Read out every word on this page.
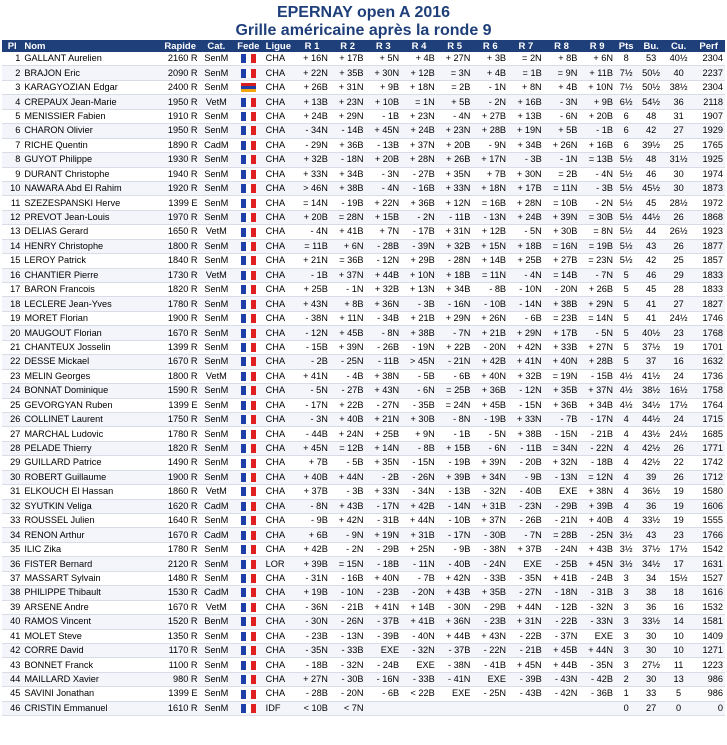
EPERNAY open A 2016
Grille américaine après la ronde 9
Pl	Nom	Rapide	Cat.	Fede	Ligue	R 1	R 2	R 3	R 4	R 5	R 6	R 7	R 8	R 9	Pts	Bu.	Cu.	Perf
1	GALLANT Aurelien	2160 R	SenM		CHA	+ 16N	+ 17B	+ 5N	+ 4B	+ 27N	+ 3B	= 2N	+ 8B	+ 6N	8	53	40½	2304
2	BRAJON Eric	2090 R	SenM		CHA	+ 22N	+ 35B	+ 30N	+ 12B	= 3N	+ 4B	= 1B	= 9N	+ 11B	7½	50½	40	2237
3	KARAGYOZIAN Edgar	2400 R	SenM		CHA	+ 26B	+ 31N	+ 9B	+ 18N	= 2B	- 1N	+ 8N	+ 4B	+ 10N	7½	50½	38½	2304
4	CREPAUX Jean-Marie	1950 R	VetM		CHA	+ 13B	+ 23N	+ 10B	= 1N	+ 5B	- 2N	+ 16B	- 3N	+ 9B	6½	54½	36	2118
5	MENISSIER Fabien	1910 R	SenM		CHA	+ 24B	+ 29N	- 1B	+ 23N	- 4N	+ 27B	+ 13B	- 6N	+ 20B	6	48	31	1907
6	CHARON Olivier	1950 R	SenM		CHA	- 34N	- 14B	+ 45N	+ 24B	+ 23N	+ 28B	+ 19N	+ 5B	- 1B	6	42	27	1929
7	RICHE Quentin	1890 R	CadM		CHA	- 29N	+ 36B	- 13B	+ 37N	+ 20B	- 9N	+ 34B	+ 26N	+ 16B	6	39½	25	1765
8	GUYOT Philippe	1930 R	SenM		CHA	+ 32B	- 18N	+ 20B	+ 28N	+ 26B	+ 17N	- 3B	- 1N	= 13B	5½	48	31½	1925
9	DURANT Christophe	1940 R	SenM		CHA	+ 33N	+ 34B	- 3N	- 27B	+ 35N	+ 7B	+ 30N	= 2B	- 4N	5½	46	30	1974
10	NAWARA Abd El Rahim	1920 R	SenM		CHA	> 46N	+ 38B	- 4N	- 16B	+ 33N	+ 18N	+ 17B	= 11N	- 3B	5½	45½	30	1873
11	SZEZESPANSKI Herve	1399 E	SenM		CHA	= 14N	- 19B	+ 22N	+ 36B	+ 12N	= 16B	+ 28N	= 10B	- 2N	5½	45	28½	1972
12	PREVOT Jean-Louis	1970 R	SenM		CHA	+ 20B	= 28N	+ 15B	- 2N	- 11B	- 13N	+ 24B	+ 39N	= 30B	5½	44½	26	1868
13	DELIAS Gerard	1650 R	VetM		CHA	- 4N	+ 41B	+ 7N	- 17B	+ 31N	+ 12B	- 5N	+ 30B	= 8N	5½	44	26½	1923
14	HENRY Christophe	1800 R	SenM		CHA	= 11B	+ 6N	- 28B	- 39N	+ 32B	+ 15N	+ 18B	= 16N	= 19B	5½	43	26	1877
15	LEROY Patrick	1840 R	SenM		CHA	+ 21N	= 36B	- 12N	+ 29B	- 28N	+ 14B	+ 25B	+ 27B	= 23N	5½	42	25	1857
16	CHANTIER Pierre	1730 R	VetM		CHA	- 1B	+ 37N	+ 44B	+ 10N	+ 18B	= 11N	- 4N	= 14B	- 7N	5	46	29	1833
17	BARON Francois	1820 R	SenM		CHA	+ 25B	- 1N	+ 32B	+ 13N	+ 34B	- 8B	- 10N	- 20N	+ 26B	5	45	28	1833
18	LECLERE Jean-Yves	1780 R	SenM		CHA	+ 43N	+ 8B	+ 36N	- 3B	- 16N	- 10B	- 14N	+ 38B	+ 29N	5	41	27	1827
19	MORET Florian	1900 R	SenM		CHA	- 38N	+ 11N	- 34B	+ 21B	+ 29N	+ 26N	- 6B	= 23B	= 14N	5	41	24½	1746
20	MAUGOUT Florian	1670 R	SenM		CHA	- 12N	+ 45B	- 8N	+ 38B	- 7N	+ 21B	+ 29N	+ 17B	- 5N	5	40½	23	1768
21	CHANTEUX Josselin	1399 R	SenM		CHA	- 15B	+ 39N	- 26B	- 19N	+ 22B	- 20N	+ 42N	+ 33B	+ 27N	5	37½	19	1701
22	DESSE Mickael	1670 R	SenM		CHA	- 2B	- 25N	- 11B	> 45N	- 21N	+ 42B	+ 41N	+ 40N	+ 28B	5	37	16	1632
23	MELIN Georges	1800 R	VetM		CHA	+ 41N	- 4B	+ 38N	- 5B	- 6B	+ 40N	+ 32B	= 19N	- 15B	4½	41½	24	1736
24	BONNAT Dominique	1590 R	SenM		CHA	- 5N	- 27B	+ 43N	- 6N	= 25B	+ 36B	- 12N	+ 35B	+ 37N	4½	38½	16½	1758
25	GEVORGYAN Ruben	1399 E	SenM		CHA	- 17N	+ 22B	- 27N	- 35B	= 24N	+ 45B	- 15N	+ 36B	+ 34B	4½	34½	17½	1764
26	COLLINET Laurent	1750 R	SenM		CHA	- 3N	+ 40B	+ 21N	+ 30B	- 8N	- 19B	+ 33N	- 7B	- 17N	4	44½	24	1715
27	MARCHAL Ludovic	1780 R	SenM		CHA	- 44B	+ 24N	+ 25B	+ 9N	- 1B	- 5N	+ 38B	- 15N	- 21B	4	43½	24½	1685
28	PELADE Thierry	1820 R	SenM		CHA	+ 45N	= 12B	+ 14N	- 8B	+ 15B	- 6N	- 11B	= 34N	- 22N	4	42½	26	1771
29	GUILLARD Patrice	1490 R	SenM		CHA	+ 7B	- 5B	+ 35N	- 15N	- 19B	+ 39N	- 20B	+ 32N	- 18B	4	42½	22	1742
30	ROBERT Guillaume	1900 R	SenM		CHA	+ 40B	+ 44N	- 2B	- 26N	+ 39B	+ 34N	- 9B	- 13N	= 12N	4	39	26	1712
31	ELKOUCH El Hassan	1860 R	VetM		CHA	+ 37B	- 3B	+ 33N	- 34N	- 13B	- 32N	- 40B	EXE	+ 38N	4	36½	19	1580
32	SYUTKIN Veliga	1620 R	CadM		CHA	- 8N	+ 43B	- 17N	+ 42B	- 14N	+ 31B	- 23N	- 29B	+ 39B	4	36	19	1606
33	ROUSSEL Julien	1640 R	SenM		CHA	- 9B	+ 42N	- 31B	+ 44N	- 10B	+ 37N	- 26B	- 21N	+ 40B	4	33½	19	1555
34	RENON Arthur	1670 R	CadM		CHA	+ 6B	- 9N	+ 19N	+ 31B	- 17N	- 30B	- 7N	= 28B	- 25N	3½	43	23	1766
35	ILIC Zika	1780 R	SenM		CHA	+ 42B	- 2N	- 29B	+ 25N	- 9B	- 38N	+ 37B	- 24N	+ 43B	3½	37½	17½	1542
36	FISTER Bernard	2120 R	SenM		LOR	+ 39B	= 15N	- 18B	- 11N	- 40B	- 24N	EXE	- 25B	+ 45N	3½	34½	17	1631
37	MASSART Sylvain	1480 R	SenM		CHA	- 31N	- 16B	+ 40N	- 7B	+ 42N	- 33B	- 35N	+ 41B	- 24B	3	34	15½	1527
38	PHILIPPE Thibault	1530 R	CadM		CHA	+ 19B	- 10N	- 23B	- 20N	+ 43B	+ 35B	- 27N	- 18N	- 31B	3	38	18	1616
39	ARSENE Andre	1670 R	VetM		CHA	- 36N	- 21B	+ 41N	+ 14B	- 30N	- 29B	+ 44N	- 12B	- 32N	3	36	16	1532
40	RAMOS Vincent	1520 R	BenM		CHA	- 30N	- 26N	- 37B	+ 41B	+ 36N	- 23B	+ 31N	- 22B	- 33N	3	33½	14	1581
41	MOLET Steve	1350 R	SenM		CHA	- 23B	- 13N	- 39B	- 40N	+ 44B	+ 43N	- 22B	- 37N	EXE	3	30	10	1409
42	CORRE David	1170 R	SenM		CHA	- 35N	- 33B	EXE	- 32N	- 37B	- 22N	- 21B	+ 45B	+ 44N	3	30	10	1271
43	BONNET Franck	1100 R	SenM		CHA	- 18B	- 32N	- 24B	EXE	- 38N	- 41B	+ 45N	+ 44B	- 35N	3	27½	11	1223
44	MAILLARD Xavier	980 R	SenM		CHA	+ 27N	- 30B	- 16N	- 33B	- 41N	EXE	- 39B	- 43N	- 42B	2	30	13	986
45	SAVINI Jonathan	1399 E	SenM		CHA	- 28B	- 20N	- 6B	< 22B	EXE	- 25N	- 43B	- 42N	- 36B	1	33	5	986
46	CRISTIN Emmanuel	1610 R	SenM		IDF	< 10B	< 7N								0	27	0	0
